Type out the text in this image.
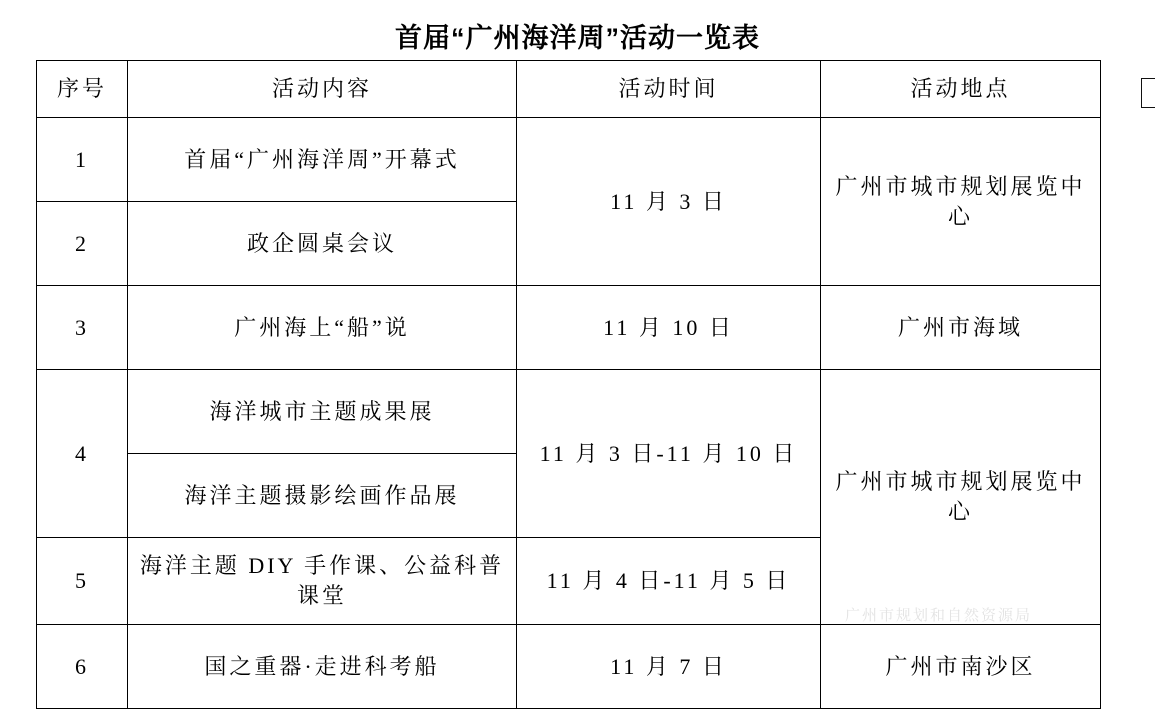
首届“广州海洋周”活动一览表
序号	活动内容	活动时间	活动地点
1	首届“广州海洋周”开幕式	11 月 3 日	广州市城市规划展览中心
2	政企圆桌会议		
3	广州海上“船”说	11 月 10 日	广州市海域
4	海洋城市主题成果展	11 月 3 日-11 月 10 日	广州市城市规划展览中心
	海洋主题摄影绘画作品展		
5	海洋主题 DIY 手作课、公益科普课堂	11 月 4 日-11 月 5 日	
6	国之重器·走进科考船	11 月 7 日	广州市南沙区
广州市规划和自然资源局
